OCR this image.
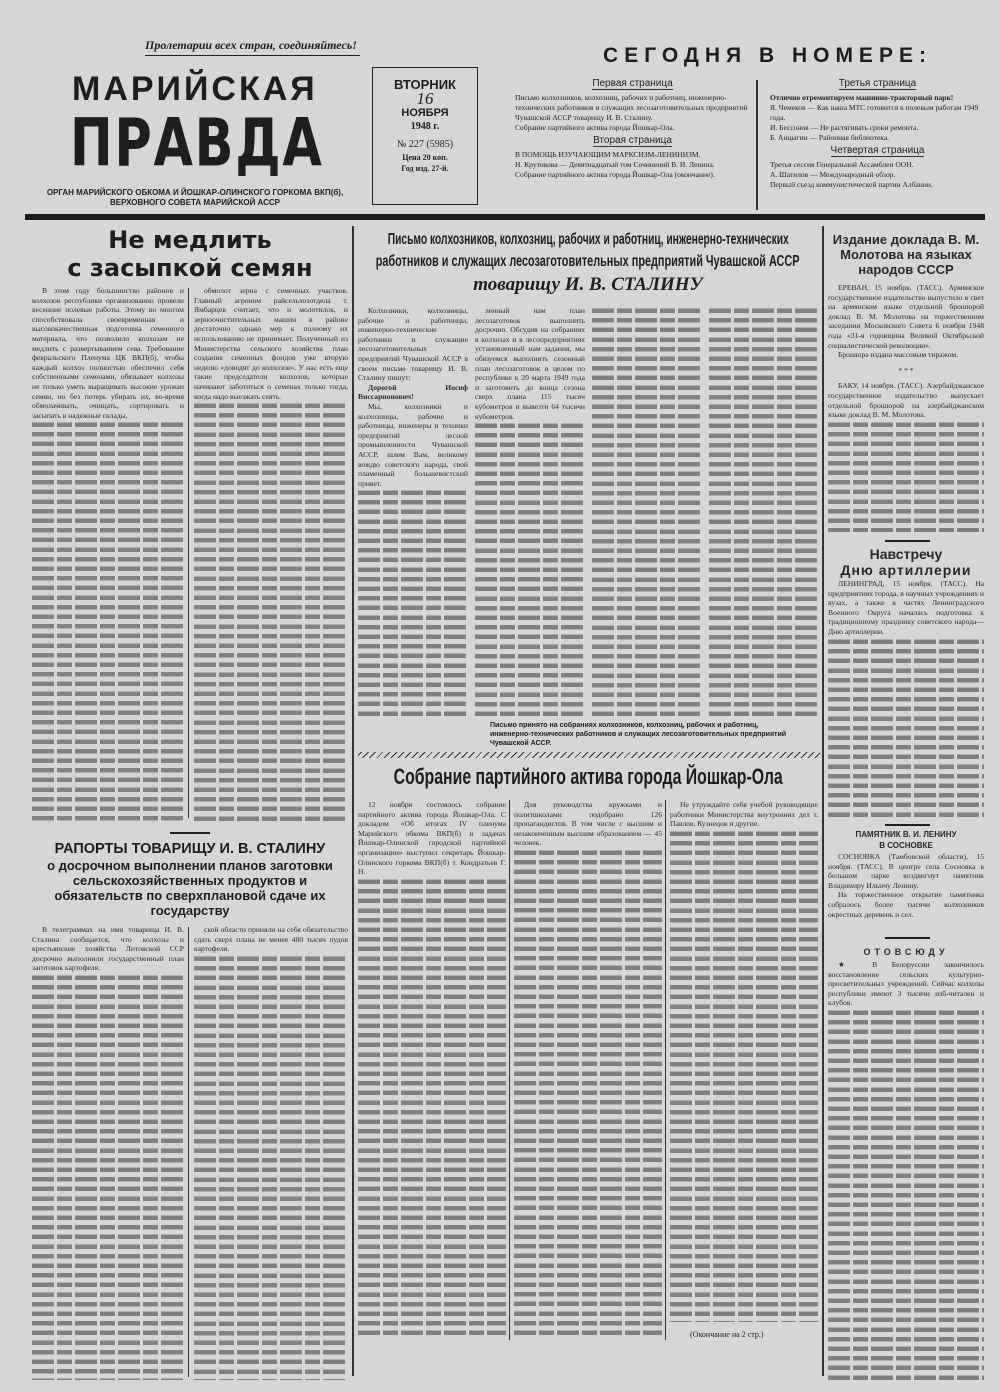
Пролетарии всех стран, соединяйтесь!
МАРИЙСКАЯ
ПРАВДА
ОРГАН МАРИЙСКОГО ОБКОМА И ЙОШКАР-ОЛИНСКОГО ГОРКОМА ВКП(б),
ВЕРХОВНОГО СОВЕТА МАРИЙСКОЙ АССР
ВТОРНИК
16
НОЯБРЯ
1948 г.
№ 227 (5985)
Цена 20 коп.
Год изд. 27-й.
СЕГОДНЯ В НОМЕРЕ:
Первая страница
Письмо колхозников, колхозниц, рабочих и работниц, инженерно-технических работников и служащих лесозаготовительных предприятий Чувашской АССР товарищу И. В. Сталину.
Собрание партийного актива города Йошкар-Ола.
Вторая страница
В ПОМОЩЬ ИЗУЧАЮЩИМ МАРКСИЗМ-ЛЕНИНИЗМ.
Н. Крутикова — Девятнадцатый том Сочинений В. И. Ленина.
Собрание партийного актива города Йошкар-Ола (окончание).
Третья страница
Отлично отремонтируем машинно-тракторный парк!
Я. Чемеков — Как наша МТС готовится к полевым работам 1949 года.
И. Бессонов — Не растягивать сроки ремонта.
Б. Анцыгин — Районная библиотека.
Четвертая страница
Третья сессия Генеральной Ассамблеи ООН.
А. Шатилов — Международный обзор.
Первый съезд коммунистической партии Албании.
Не медлить
с засыпкой семян

В этом году большинство районов и колхозов республики организованно провели весенние полевые работы. Этому во многом способствовала своевременная и высококачественная подготовка семенного материала, что позволило колхозам не медлить с развертыванием сева. Требование февральского Пленума ЦК ВКП(б), чтобы каждый колхоз полностью обеспечил себя собственными семенами, обязывает колхозы не только уметь выращивать высокие урожаи семян, но без потерь убирать их, во-время обмолачивать, очищать, сортировать и засыпать в надежные склады.

обмолот зерна с семенных участков. Главный агроном райсельхозотдела т. Ямбарцев считает, что и молотилок, и зерноочистительных машин в районе достаточно однако мер к полному их использованию не принимает. Полученный из Министерства сельского хозяйства план создания семенных фондов уже вторую неделю «доводят до колхозов». У нас есть еще такие председатели колхозов, которые начинают заботиться о семенах только тогда, когда надо выезжать сеять.

РАПОРТЫ ТОВАРИЩУ И. В. СТАЛИНУ
о досрочном выполнении планов заготовки сельскохозяйственных продуктов и обязательств по сверхплановой сдаче их государству

В телеграммах на имя товарища И. В. Сталина сообщается, что колхозы и крестьянские хозяйства Литовской ССР досрочно выполнили государственный план заготовок картофеля.

ской области приняли на себя обязательство сдать сверх плана не менее 400 тысяч пудов картофеля.

Письмо колхозников, колхозниц, рабочих и работниц, инженерно-технических
работников и служащих лесозаготовительных предприятий Чувашской АССР
товарищу И. В. СТАЛИНУ

Колхозники, колхозницы, рабочие и работницы, инженерно-технические работники и служащие лесозаготовительных предприятий Чувашской АССР в своем письме товарищу И. В. Сталину пишут:

Дорогой Иосиф Виссарионович!

Мы, колхозники и колхозницы, рабочие и работницы, инженеры и техники предприятий лесной промышленности Чувашской АССР, шлем Вам, великому вождю советского народа, свой пламенный большевистский привет.

ленный нам план лесозаготовок выполнить досрочно. Обсудив на собраниях в колхозах и в лесопредприятиях установленный нам задания, мы обязуемся выполнить сезонный план лесозаготовок в целом по республике к 20 марта 1949 года и заготовить до конца сезона сверх плана 115 тысяч кубометров и вывезти 64 тысячи кубометров.

Письмо принято на собраниях колхозников, колхозниц, рабочих и работниц, инженерно-технических работников и служащих лесозаготовительных предприятий Чувашской АССР.
Собрание партийного актива города Йошкар-Ола

12 ноября состоялось собрание партийного актива города Йошкар-Ола. С докладом «Об итогах IV пленума Марийского обкома ВКП(б) и задачах Йошкар-Олинской городской партийной организации» выступил секретарь Йошкар-Олинского горкома ВКП(б) т. Кондратьев Г. Н.

Для руководства кружками и политшколами подобрано 126 пропагандистов. В том числе с высшим и незаконченным высшим образованием — 45 человек.

Не утруждайте себя учебой руководящие работники Министерства внутренних дел т. Павлов, Кузнецов и другие.

(Окончание на 2 стр.)
Издание доклада В. М. Молотова на языках народов СССР

ЕРЕВАН, 15 ноября. (ТАСС). Армянское государственное издательство выпустило в свет на армянском языке отдельной брошюрой доклад В. М. Молотова на торжественном заседании Московского Совета 6 ноября 1948 года «31-я годовщина Великой Октябрьской социалистической революции».

Брошюра издана массовым тиражом.

* * *

БАКУ, 14 ноября. (ТАСС). Азербайджанское государственное издательство выпускает отдельной брошюрой на азербайджанском языке доклад В. М. Молотова.

Навстречу
Дню артиллерии

ЛЕНИНГРАД, 15 ноября. (ТАСС). На предприятиях города, в научных учреждениях и вузах, а также в частях Ленинградского Военного Округа началась подготовка к традиционному празднику советского народа—Дню артиллерии.

ПАМЯТНИК В. И. ЛЕНИНУ
В СОСНОВКЕ

СОСНОВКА (Тамбовской области), 15 ноября. (ТАСС). В центре села Сосновка в большом парке воздвигнут памятник Владимиру Ильичу Ленину.

На торжественное открытие памятника собралось более тысячи колхозников окрестных деревень и сел.

ОТОВСЮДУ

★ В Белоруссии закончилось восстановление сельских культурно-просветительных учреждений. Сейчас колхозы республики имеют 3 тысячи изб-читален и клубов.
